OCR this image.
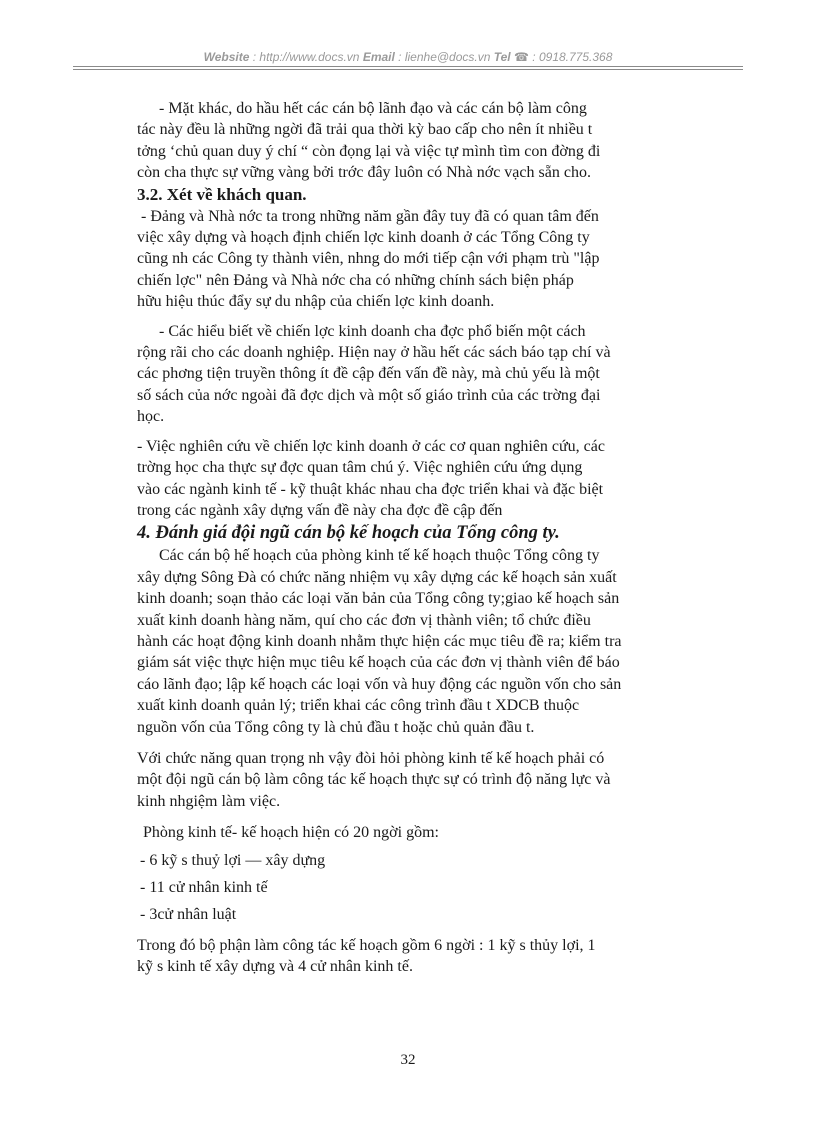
Website : http://www.docs.vn Email : lienhe@docs.vn Tel ☎ : 0918.775.368

- Mặt khác, do hầu hết các cán bộ lãnh đạo và các cán bộ làm công
tác này đều là những ngời đã trải qua thời kỳ bao cấp cho nên ít nhiều t
tởng ‘chủ quan duy ý chí “ còn đọng lại và việc tự mình tìm con đờng đi
còn cha thực sự vững vàng bởi trớc đây luôn có Nhà nớc vạch sẵn cho.

3.2. Xét về khách quan.

- Đảng và Nhà nớc ta trong những năm gần đây tuy đã có quan tâm đến
việc xây dựng và hoạch định chiến lợc kinh doanh ở các Tổng Công ty
cũng nh các Công ty thành viên, nhng do mới tiếp cận với phạm trù "lập
chiến lợc" nên Đảng và Nhà nớc cha có những chính sách biện pháp
hữu hiệu thúc đẩy sự du nhập của chiến lợc kinh doanh.

- Các hiểu biết về chiến lợc kinh doanh cha đợc phổ biến một cách
rộng rãi cho các doanh nghiệp. Hiện nay ở hầu hết các sách báo tạp chí và
các phơng tiện truyền thông ít đề cập đến vấn đề này, mà chủ yếu là một
số sách của nớc ngoài đã đợc dịch và một số giáo trình của các trờng đại
học.

- Việc nghiên cứu về chiến lợc kinh doanh ở các cơ quan nghiên cứu, các
trờng học cha thực sự đợc quan tâm chú ý. Việc nghiên cứu ứng dụng
vào các ngành kinh tế - kỹ thuật khác nhau cha đợc triển khai và đặc biệt
trong các ngành xây dựng vấn đề này cha đợc đề cập đến

4. Đánh giá đội ngũ cán bộ kế hoạch của Tổng công ty.

Các cán bộ hế hoạch của phòng kinh tế kế hoạch thuộc Tổng công ty
xây dựng Sông Đà có chức năng nhiệm vụ xây dựng các kế hoạch sản xuất
kinh doanh; soạn thảo các loại văn bản của Tổng công ty;giao kế hoạch sản
xuất kinh doanh hàng năm, quí cho các đơn vị thành viên; tổ chức điều
hành các hoạt động kinh doanh nhằm thực hiện các mục tiêu đề ra; kiểm tra
giám sát việc thực hiện mục tiêu kế hoạch của các đơn vị thành viên để báo
cáo lãnh đạo; lập kế hoạch các loại vốn và huy động các nguồn vốn cho sản
xuất kinh doanh quản lý; triển khai các công trình đầu t XDCB thuộc
nguồn vốn của Tổng công ty là chủ đầu t hoặc chủ quản đầu t.

Với chức năng quan trọng nh vậy đòi hỏi phòng kinh tế kế hoạch phải có
một đội ngũ cán bộ làm công tác kế hoạch thực sự có trình độ năng lực và
kinh nhgiệm làm việc.

Phòng kinh tế- kế hoạch hiện có 20 ngời gồm:

- 6 kỹ s thuỷ lợi — xây dựng

- 11 cử nhân kinh tế

- 3cử nhân luật

Trong đó bộ phận làm công tác kế hoạch gồm 6 ngời : 1 kỹ s thủy lợi, 1
kỹ s kinh tế xây dựng và 4 cử nhân kinh tế.

32
